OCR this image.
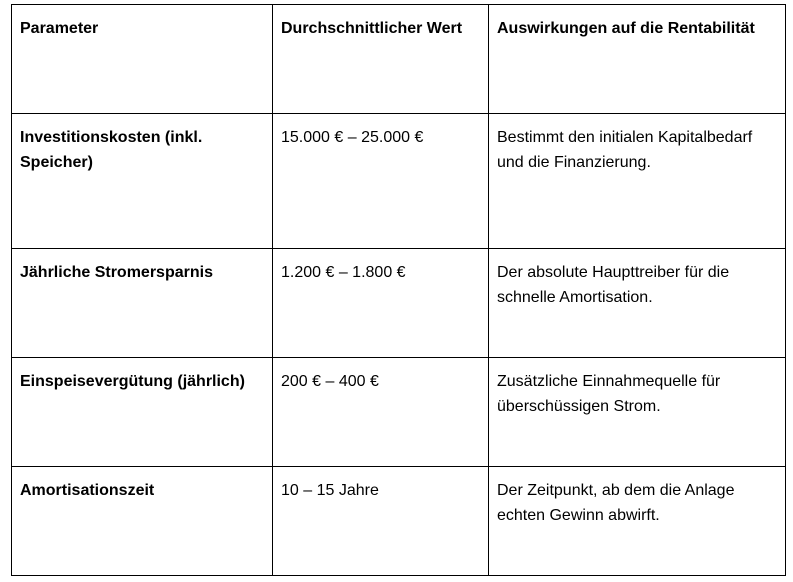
Parameter	Durchschnittlicher Wert	Auswirkungen auf die Rentabilität
Investitionskosten (inkl. Speicher)	15.000 € – 25.000 €	Bestimmt den initialen Kapitalbedarf und die Finanzierung.
Jährliche Stromersparnis	1.200 € – 1.800 €	Der absolute Haupttreiber für die schnelle Amortisation.
Einspeisevergütung (jährlich)	200 € – 400 €	Zusätzliche Einnahmequelle für überschüssigen Strom.
Amortisationszeit	10 – 15 Jahre	Der Zeitpunkt, ab dem die Anlage echten Gewinn abwirft.
